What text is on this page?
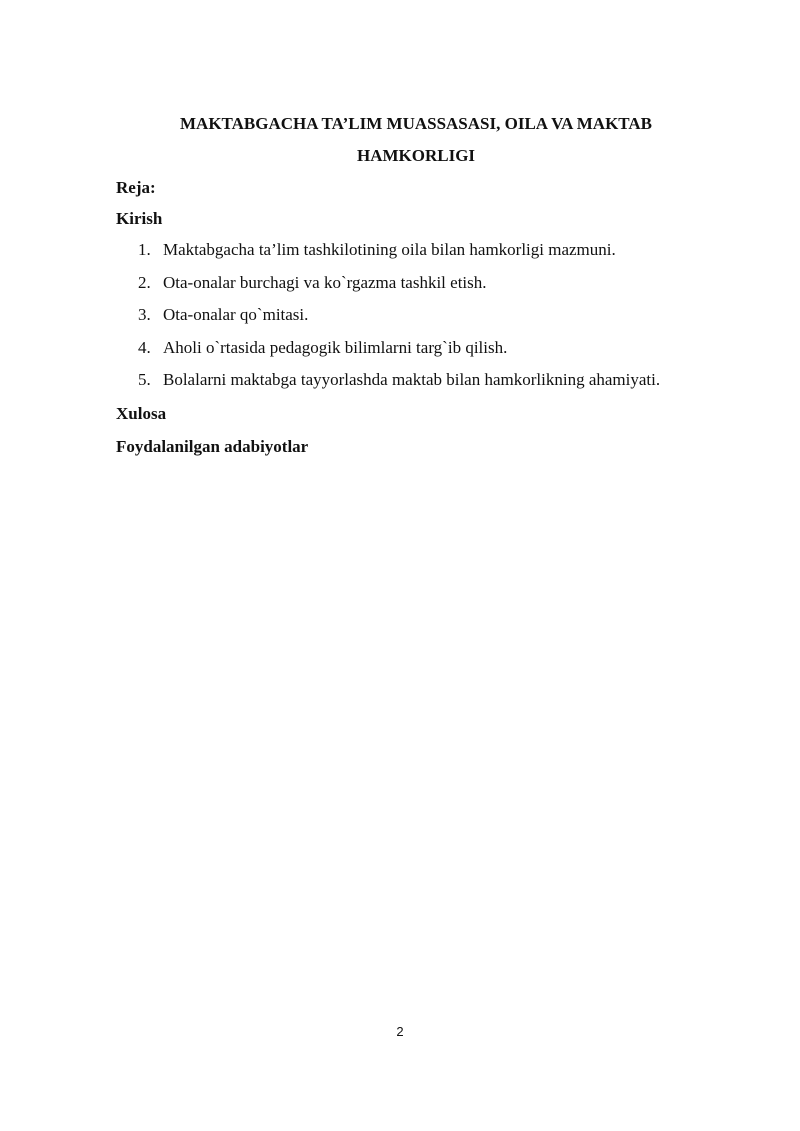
MAKTABGACHA TA’LIM MUASSASASI, OILA VA MAKTAB
HAMKORLIGI

Reja:

Kirish

1. Maktabgacha ta’lim tashkilotining oila bilan hamkorligi mazmuni.
2. Ota-onalar burchagi va ko`rgazma tashkil etish.
3. Ota-onalar qo`mitasi.
4. Aholi o`rtasida pedagogik bilimlarni targ`ib qilish.
5. Bolalarni maktabga tayyorlashda maktab bilan hamkorlikning ahamiyati.

Xulosa

Foydalanilgan adabiyotlar

2
